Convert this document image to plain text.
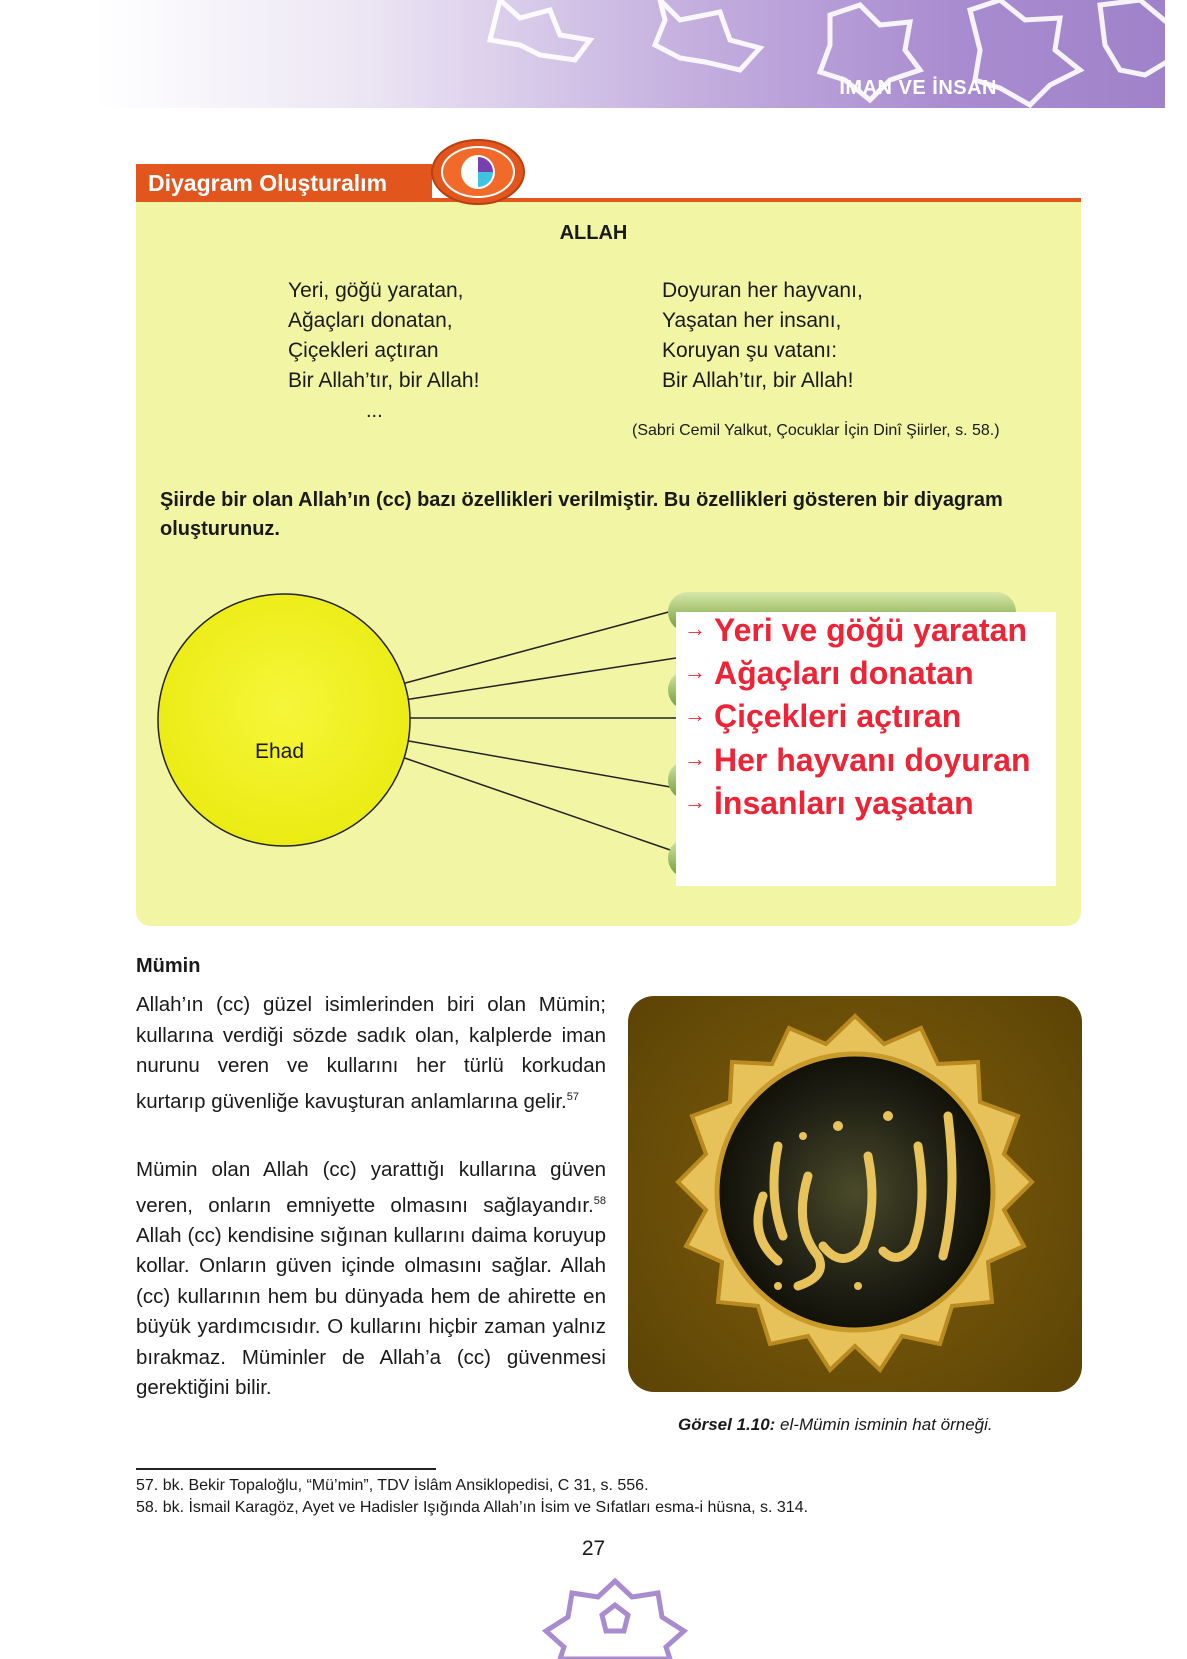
İMAN VE İNSAN
Diyagram Oluşturalım
ALLAH
Yeri, göğü yaratan,
Ağaçları donatan,
Çiçekleri açtıran
Bir Allah’tır, bir Allah!
...
Doyuran her hayvanı,
Yaşatan her insanı,
Koruyan şu vatanı:
Bir Allah’tır, bir Allah!
(Sabri Cemil Yalkut, Çocuklar İçin Dinî Şiirler, s. 58.)
Şiirde bir olan Allah’ın (cc) bazı özellikleri verilmiştir. Bu özellikleri gösteren bir diyagram oluşturunuz.
Ehad
→ Yeri ve göğü yaratan
→ Ağaçları donatan
→ Çiçekleri açtıran
→ Her hayvanı doyuran
→ İnsanları yaşatan
Mümin
Allah’ın (cc) güzel isimlerinden biri olan Mümin; kullarına verdiği sözde sadık olan, kalplerde iman nurunu veren ve kullarını her türlü korkudan kurtarıp güvenliğe kavuşturan anlamlarına gelir.$^{57}$
Mümin olan Allah (cc) yarattığı kullarına güven veren, onların emniyette olmasını sağlayandır.$^{58}$ Allah (cc) kendisine sığınan kullarını daima koruyup kollar. Onların güven içinde olmasını sağlar. Allah (cc) kullarının hem bu dünyada hem de ahirette en büyük yardımcısıdır. O kullarını hiçbir zaman yalnız bırakmaz. Müminler de Allah’a (cc) güvenmesi gerektiğini bilir.
Görsel 1.10: el-Mümin isminin hat örneği.
57. bk. Bekir Topaloğlu, “Mü’min”, TDV İslâm Ansiklopedisi, C 31, s. 556.
58. bk. İsmail Karagöz, Ayet ve Hadisler Işığında Allah’ın İsim ve Sıfatları esma-i hüsna, s. 314.
27
